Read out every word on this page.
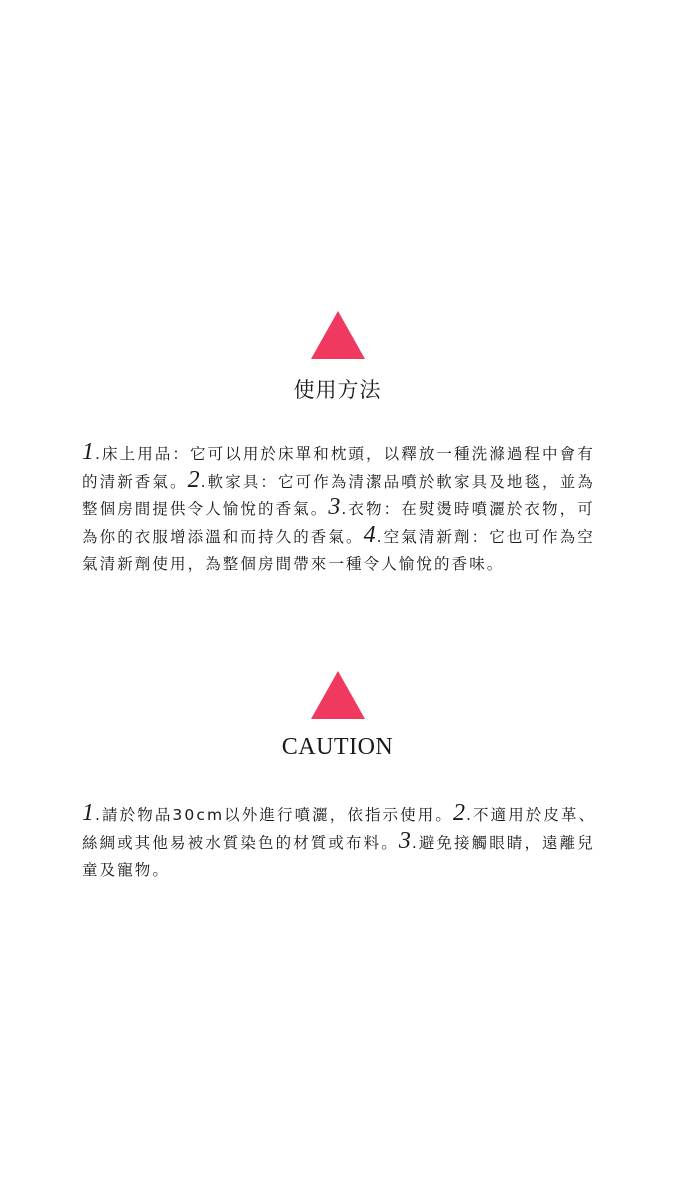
使用方法

1.床上用品：它可以用於床單和枕頭，以釋放一種洗滌過程中會有的清新香氣。2.軟家具：它可作為清潔品噴於軟家具及地毯，並為整個房間提供令人愉悅的香氣。3.衣物：在熨燙時噴灑於衣物，可為你的衣服增添溫和而持久的香氣。4.空氣清新劑：它也可作為空氣清新劑使用，為整個房間帶來一種令人愉悅的香味。

CAUTION

1.請於物品30cm以外進行噴灑，依指示使用。2.不適用於皮革、絲綢或其他易被水質染色的材質或布料。3.避免接觸眼睛，遠離兒童及寵物。
